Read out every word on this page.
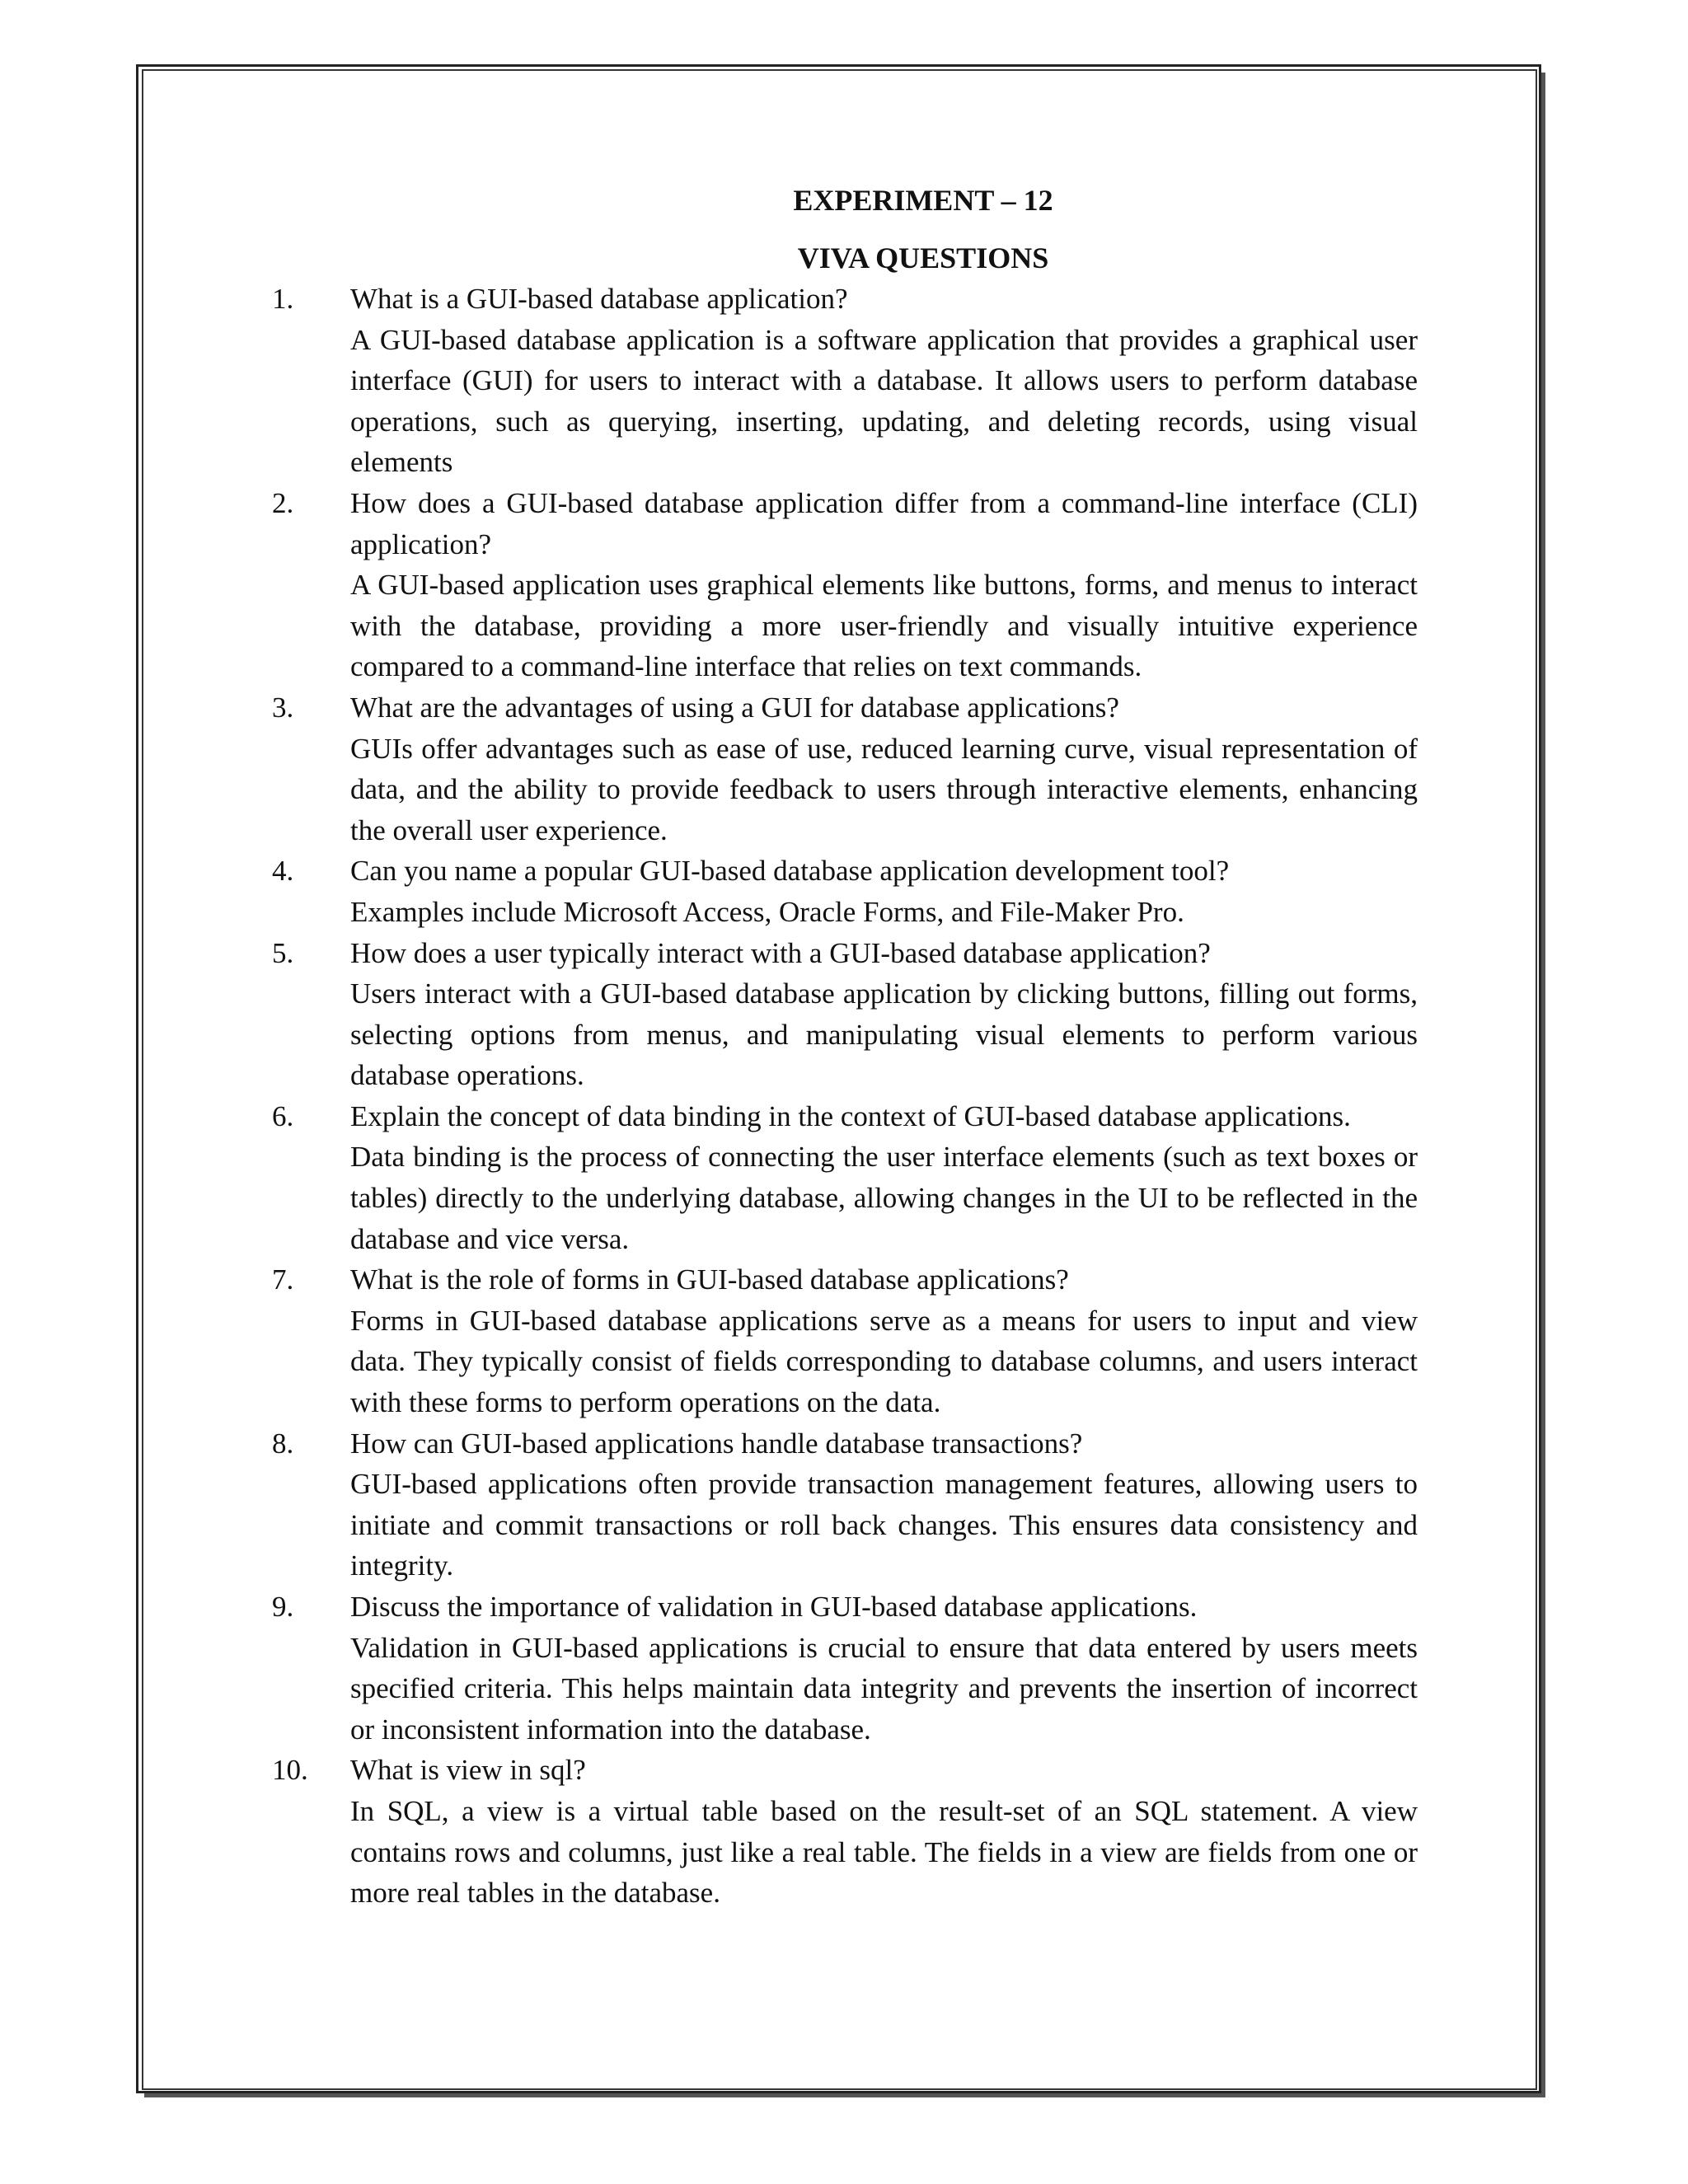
EXPERIMENT – 12
VIVA QUESTIONS
1. What is a GUI-based database application?

A GUI-based database application is a software application that provides a graphical user interface (GUI) for users to interact with a database. It allows users to perform database operations, such as querying, inserting, updating, and deleting records, using visual elements

2. How does a GUI-based database application differ from a command-line interface (CLI) application?

A GUI-based application uses graphical elements like buttons, forms, and menus to interact with the database, providing a more user-friendly and visually intuitive experience compared to a command-line interface that relies on text commands.

3. What are the advantages of using a GUI for database applications?

GUIs offer advantages such as ease of use, reduced learning curve, visual representation of data, and the ability to provide feedback to users through interactive elements, enhancing the overall user experience.

4. Can you name a popular GUI-based database application development tool?

Examples include Microsoft Access, Oracle Forms, and File-Maker Pro.

5. How does a user typically interact with a GUI-based database application?

Users interact with a GUI-based database application by clicking buttons, filling out forms, selecting options from menus, and manipulating visual elements to perform various database operations.

6. Explain the concept of data binding in the context of GUI-based database applications.

Data binding is the process of connecting the user interface elements (such as text boxes or tables) directly to the underlying database, allowing changes in the UI to be reflected in the database and vice versa.

7. What is the role of forms in GUI-based database applications?

Forms in GUI-based database applications serve as a means for users to input and view data. They typically consist of fields corresponding to database columns, and users interact with these forms to perform operations on the data.

8. How can GUI-based applications handle database transactions?

GUI-based applications often provide transaction management features, allowing users to initiate and commit transactions or roll back changes. This ensures data consistency and integrity.

9. Discuss the importance of validation in GUI-based database applications.

Validation in GUI-based applications is crucial to ensure that data entered by users meets specified criteria. This helps maintain data integrity and prevents the insertion of incorrect or inconsistent information into the database.

10. What is view in sql?

In SQL, a view is a virtual table based on the result-set of an SQL statement. A view contains rows and columns, just like a real table. The fields in a view are fields from one or more real tables in the database.
